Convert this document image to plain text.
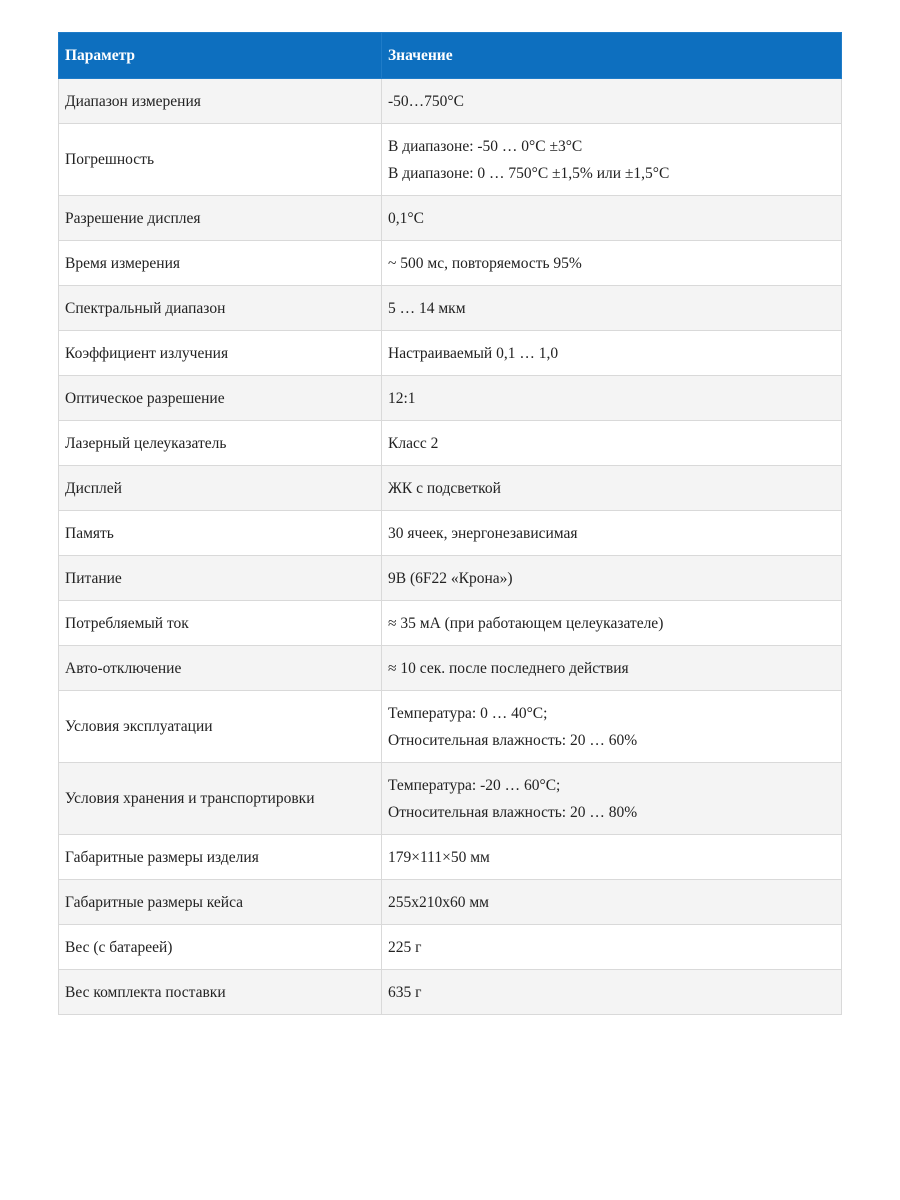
Параметр	Значение
Диапазон измерения	-50…750°C

Погрешность	В диапазоне: -50 … 0°C ±3°C
В диапазоне: 0 … 750°C ±1,5% или ±1,5°C

Разрешение дисплея	0,1°C

Время измерения	~ 500 мс, повторяемость 95%

Спектральный диапазон	5 … 14 мкм

Коэффициент излучения	Настраиваемый 0,1 … 1,0

Оптическое разрешение	12:1

Лазерный целеуказатель	Класс 2

Дисплей	ЖК с подсветкой

Память	30 ячеек, энергонезависимая

Питание	9В (6F22 «Крона»)

Потребляемый ток	≈ 35 мА (при работающем целеуказателе)

Авто-отключение	≈ 10 сек. после последнего действия

Условия эксплуатации	Температура: 0 … 40°C;
Относительная влажность: 20 … 60%

Условия хранения и транспортировки	Температура: -20 … 60°C;
Относительная влажность: 20 … 80%

Габаритные размеры изделия	179×111×50 мм

Габаритные размеры кейса	255x210x60 мм

Вес (с батареей)	225 г

Вес комплекта поставки	635 г
